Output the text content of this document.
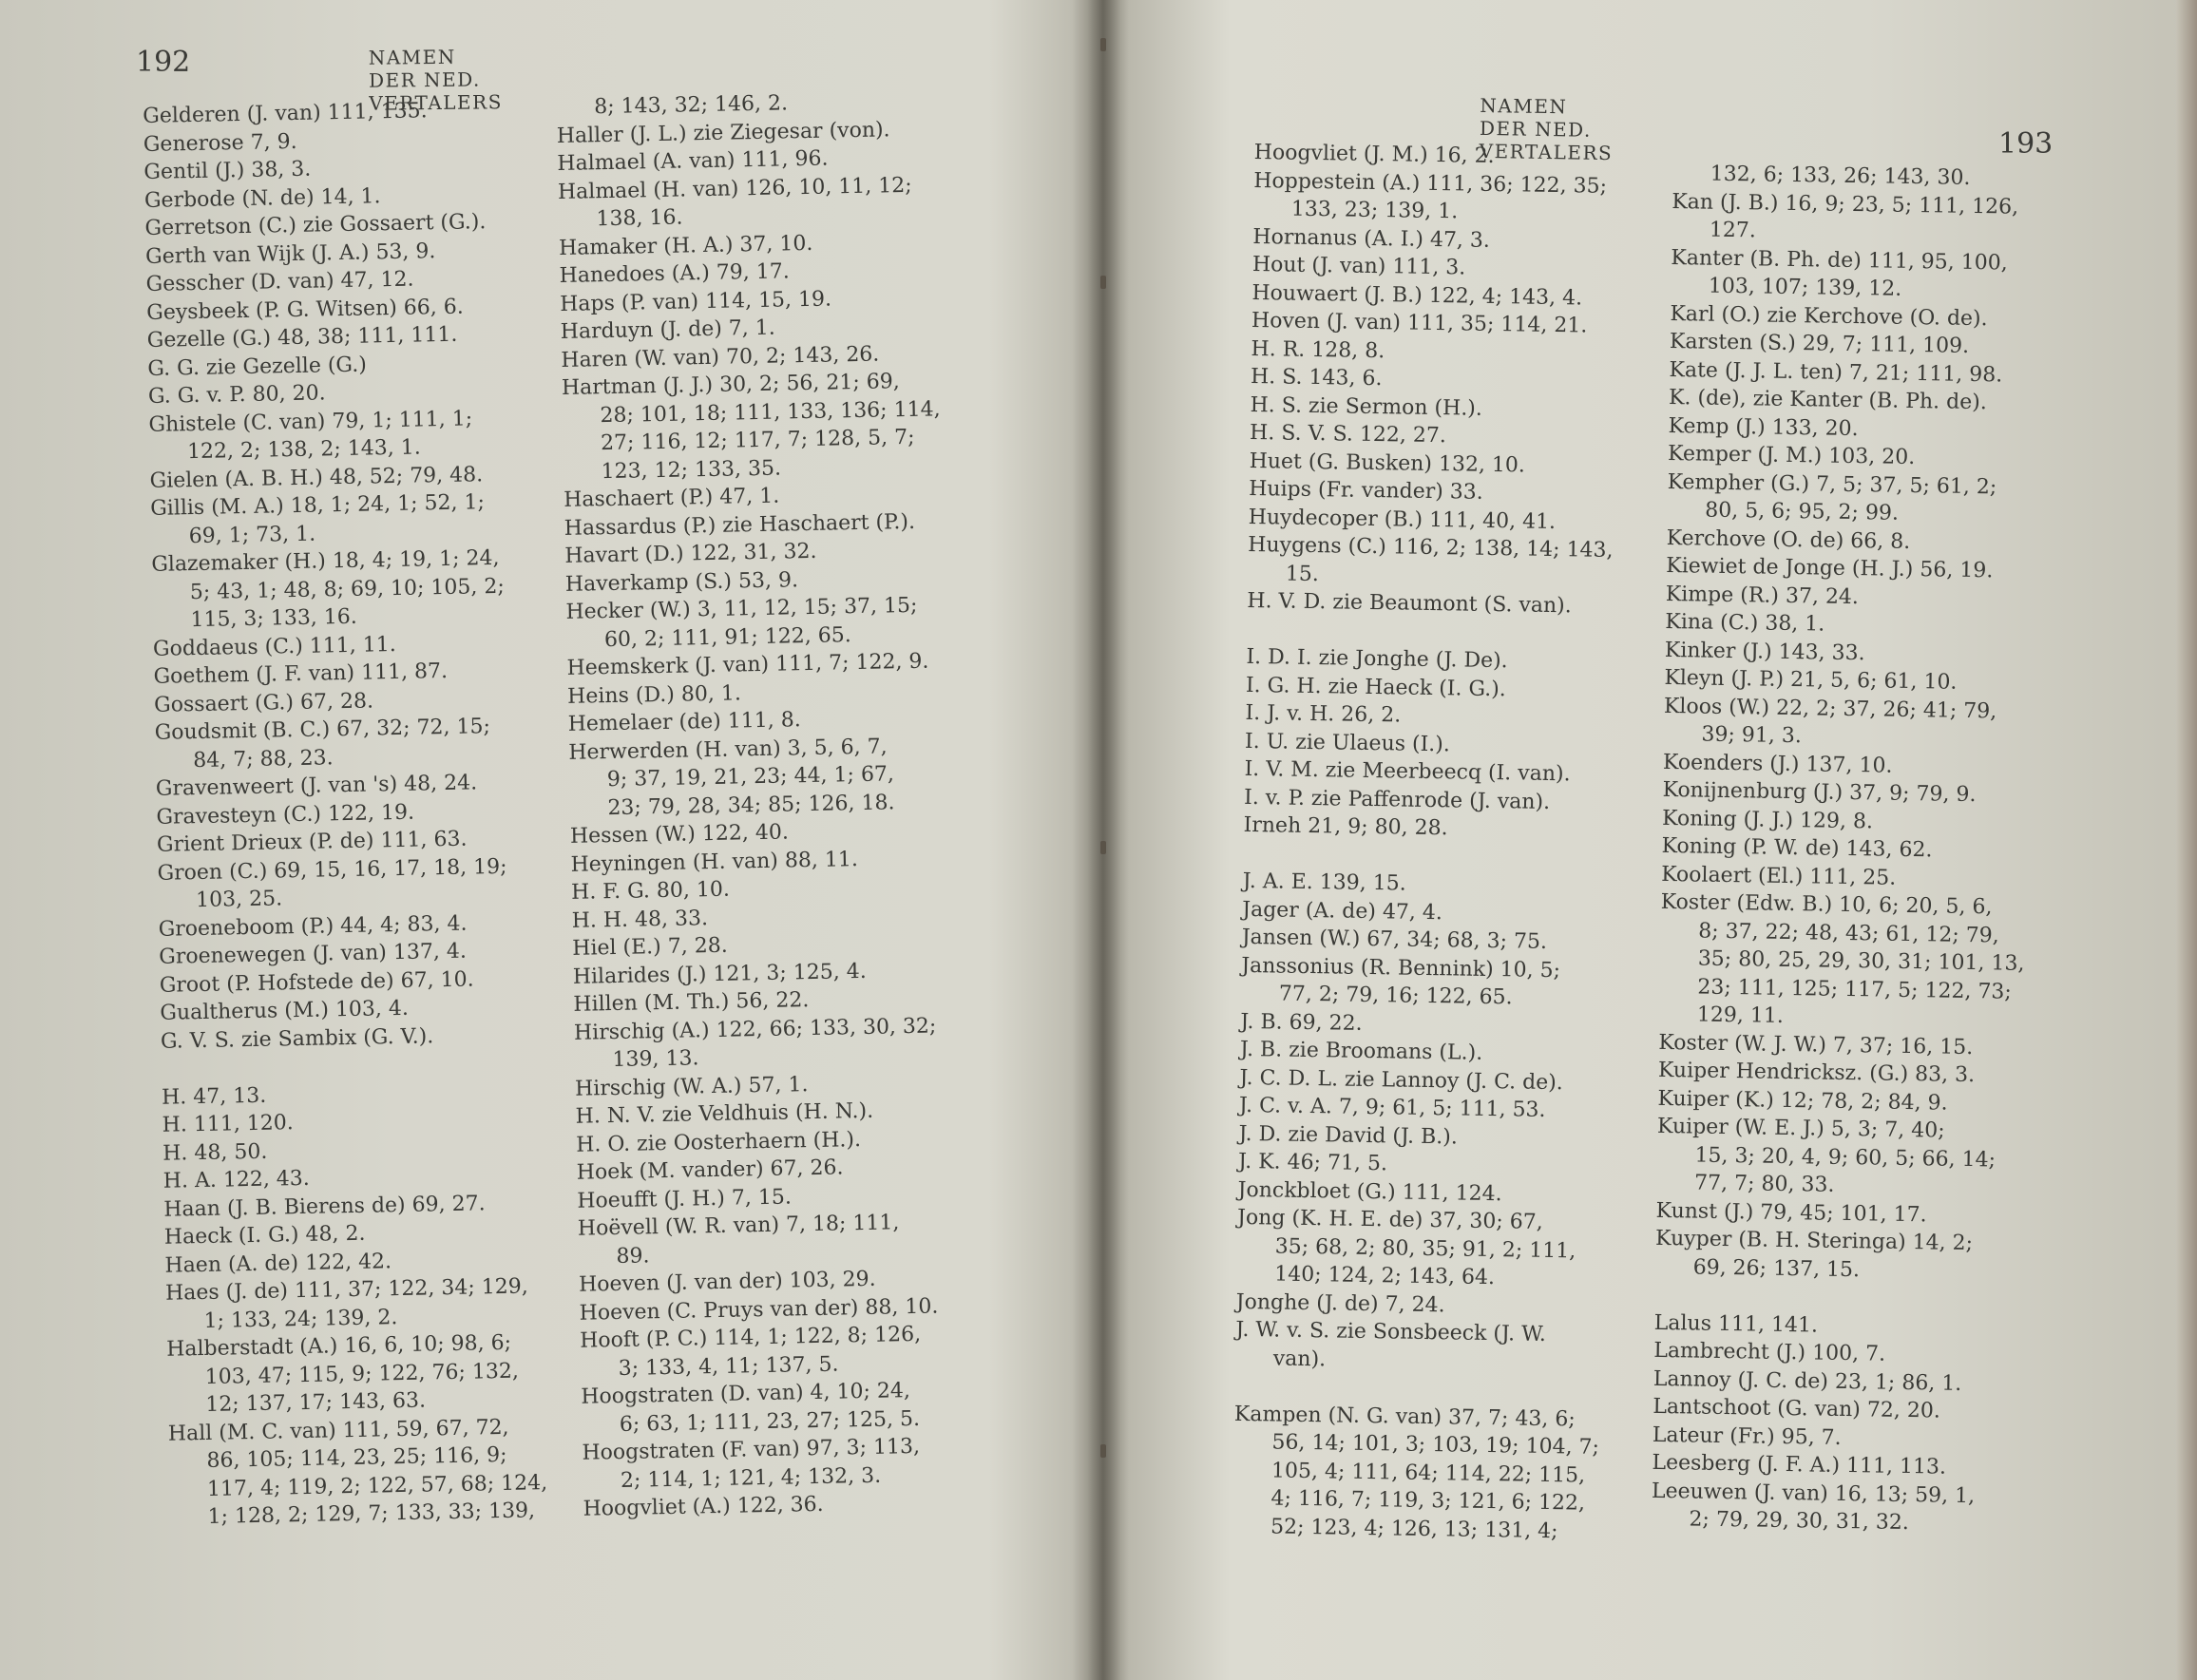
192	NAMEN DER NED. VERTALERS
Gelderen (J. van) 111, 135.
Generose 7, 9.
Gentil (J.) 38, 3.
Gerbode (N. de) 14, 1.
Gerretson (C.) zie Gossaert (G.).
Gerth van Wijk (J. A.) 53, 9.
Gesscher (D. van) 47, 12.
Geysbeek (P. G. Witsen) 66, 6.
Gezelle (G.) 48, 38; 111, 111.
G. G. zie Gezelle (G.)
G. G. v. P. 80, 20.
Ghistele (C. van) 79, 1; 111, 1;
122, 2; 138, 2; 143, 1.
Gielen (A. B. H.) 48, 52; 79, 48.
Gillis (M. A.) 18, 1; 24, 1; 52, 1;
69, 1; 73, 1.
Glazemaker (H.) 18, 4; 19, 1; 24,
5; 43, 1; 48, 8; 69, 10; 105, 2;
115, 3; 133, 16.
Goddaeus (C.) 111, 11.
Goethem (J. F. van) 111, 87.
Gossaert (G.) 67, 28.
Goudsmit (B. C.) 67, 32; 72, 15;
84, 7; 88, 23.
Gravenweert (J. van 's) 48, 24.
Gravesteyn (C.) 122, 19.
Grient Drieux (P. de) 111, 63.
Groen (C.) 69, 15, 16, 17, 18, 19;
103, 25.
Groeneboom (P.) 44, 4; 83, 4.
Groenewegen (J. van) 137, 4.
Groot (P. Hofstede de) 67, 10.
Gualtherus (M.) 103, 4.
G. V. S. zie Sambix (G. V.).
H. 47, 13.
H. 111, 120.
H. 48, 50.
H. A. 122, 43.
Haan (J. B. Bierens de) 69, 27.
Haeck (I. G.) 48, 2.
Haen (A. de) 122, 42.
Haes (J. de) 111, 37; 122, 34; 129,
1; 133, 24; 139, 2.
Halberstadt (A.) 16, 6, 10; 98, 6;
103, 47; 115, 9; 122, 76; 132,
12; 137, 17; 143, 63.
Hall (M. C. van) 111, 59, 67, 72,
86, 105; 114, 23, 25; 116, 9;
117, 4; 119, 2; 122, 57, 68; 124,
1; 128, 2; 129, 7; 133, 33; 139,
8; 143, 32; 146, 2.
Haller (J. L.) zie Ziegesar (von).
Halmael (A. van) 111, 96.
Halmael (H. van) 126, 10, 11, 12;
138, 16.
Hamaker (H. A.) 37, 10.
Hanedoes (A.) 79, 17.
Haps (P. van) 114, 15, 19.
Harduyn (J. de) 7, 1.
Haren (W. van) 70, 2; 143, 26.
Hartman (J. J.) 30, 2; 56, 21; 69,
28; 101, 18; 111, 133, 136; 114,
27; 116, 12; 117, 7; 128, 5, 7;
123, 12; 133, 35.
Haschaert (P.) 47, 1.
Hassardus (P.) zie Haschaert (P.).
Havart (D.) 122, 31, 32.
Haverkamp (S.) 53, 9.
Hecker (W.) 3, 11, 12, 15; 37, 15;
60, 2; 111, 91; 122, 65.
Heemskerk (J. van) 111, 7; 122, 9.
Heins (D.) 80, 1.
Hemelaer (de) 111, 8.
Herwerden (H. van) 3, 5, 6, 7,
9; 37, 19, 21, 23; 44, 1; 67,
23; 79, 28, 34; 85; 126, 18.
Hessen (W.) 122, 40.
Heyningen (H. van) 88, 11.
H. F. G. 80, 10.
H. H. 48, 33.
Hiel (E.) 7, 28.
Hilarides (J.) 121, 3; 125, 4.
Hillen (M. Th.) 56, 22.
Hirschig (A.) 122, 66; 133, 30, 32;
139, 13.
Hirschig (W. A.) 57, 1.
H. N. V. zie Veldhuis (H. N.).
H. O. zie Oosterhaern (H.).
Hoek (M. vander) 67, 26.
Hoeufft (J. H.) 7, 15.
Hoëvell (W. R. van) 7, 18; 111,
89.
Hoeven (J. van der) 103, 29.
Hoeven (C. Pruys van der) 88, 10.
Hooft (P. C.) 114, 1; 122, 8; 126,
3; 133, 4, 11; 137, 5.
Hoogstraten (D. van) 4, 10; 24,
6; 63, 1; 111, 23, 27; 125, 5.
Hoogstraten (F. van) 97, 3; 113,
2; 114, 1; 121, 4; 132, 3.
Hoogvliet (A.) 122, 36.
193
NAMEN DER NED. VERTALERS
Hoogvliet (J. M.) 16, 2.
Hoppestein (A.) 111, 36; 122, 35;
133, 23; 139, 1.
Hornanus (A. I.) 47, 3.
Hout (J. van) 111, 3.
Houwaert (J. B.) 122, 4; 143, 4.
Hoven (J. van) 111, 35; 114, 21.
H. R. 128, 8.
H. S. 143, 6.
H. S. zie Sermon (H.).
H. S. V. S. 122, 27.
Huet (G. Busken) 132, 10.
Huips (Fr. vander) 33.
Huydecoper (B.) 111, 40, 41.
Huygens (C.) 116, 2; 138, 14; 143,
15.
H. V. D. zie Beaumont (S. van).
I. D. I. zie Jonghe (J. De).
I. G. H. zie Haeck (I. G.).
I. J. v. H. 26, 2.
I. U. zie Ulaeus (I.).
I. V. M. zie Meerbeecq (I. van).
I. v. P. zie Paffenrode (J. van).
Irneh 21, 9; 80, 28.
J. A. E. 139, 15.
Jager (A. de) 47, 4.
Jansen (W.) 67, 34; 68, 3; 75.
Janssonius (R. Bennink) 10, 5;
77, 2; 79, 16; 122, 65.
J. B. 69, 22.
J. B. zie Broomans (L.).
J. C. D. L. zie Lannoy (J. C. de).
J. C. v. A. 7, 9; 61, 5; 111, 53.
J. D. zie David (J. B.).
J. K. 46; 71, 5.
Jonckbloet (G.) 111, 124.
Jong (K. H. E. de) 37, 30; 67,
35; 68, 2; 80, 35; 91, 2; 111,
140; 124, 2; 143, 64.
Jonghe (J. de) 7, 24.
J. W. v. S. zie Sonsbeeck (J. W.
van).
Kampen (N. G. van) 37, 7; 43, 6;
56, 14; 101, 3; 103, 19; 104, 7;
105, 4; 111, 64; 114, 22; 115,
4; 116, 7; 119, 3; 121, 6; 122,
52; 123, 4; 126, 13; 131, 4;
132, 6; 133, 26; 143, 30.
Kan (J. B.) 16, 9; 23, 5; 111, 126,
127.
Kanter (B. Ph. de) 111, 95, 100,
103, 107; 139, 12.
Karl (O.) zie Kerchove (O. de).
Karsten (S.) 29, 7; 111, 109.
Kate (J. J. L. ten) 7, 21; 111, 98.
K. (de), zie Kanter (B. Ph. de).
Kemp (J.) 133, 20.
Kemper (J. M.) 103, 20.
Kempher (G.) 7, 5; 37, 5; 61, 2;
80, 5, 6; 95, 2; 99.
Kerchove (O. de) 66, 8.
Kiewiet de Jonge (H. J.) 56, 19.
Kimpe (R.) 37, 24.
Kina (C.) 38, 1.
Kinker (J.) 143, 33.
Kleyn (J. P.) 21, 5, 6; 61, 10.
Kloos (W.) 22, 2; 37, 26; 41; 79,
39; 91, 3.
Koenders (J.) 137, 10.
Konijnenburg (J.) 37, 9; 79, 9.
Koning (J. J.) 129, 8.
Koning (P. W. de) 143, 62.
Koolaert (El.) 111, 25.
Koster (Edw. B.) 10, 6; 20, 5, 6,
8; 37, 22; 48, 43; 61, 12; 79,
35; 80, 25, 29, 30, 31; 101, 13,
23; 111, 125; 117, 5; 122, 73;
129, 11.
Koster (W. J. W.) 7, 37; 16, 15.
Kuiper Hendricksz. (G.) 83, 3.
Kuiper (K.) 12; 78, 2; 84, 9.
Kuiper (W. E. J.) 5, 3; 7, 40;
15, 3; 20, 4, 9; 60, 5; 66, 14;
77, 7; 80, 33.
Kunst (J.) 79, 45; 101, 17.
Kuyper (B. H. Steringa) 14, 2;
69, 26; 137, 15.
Lalus 111, 141.
Lambrecht (J.) 100, 7.
Lannoy (J. C. de) 23, 1; 86, 1.
Lantschoot (G. van) 72, 20.
Lateur (Fr.) 95, 7.
Leesberg (J. F. A.) 111, 113.
Leeuwen (J. van) 16, 13; 59, 1,
2; 79, 29, 30, 31, 32.
